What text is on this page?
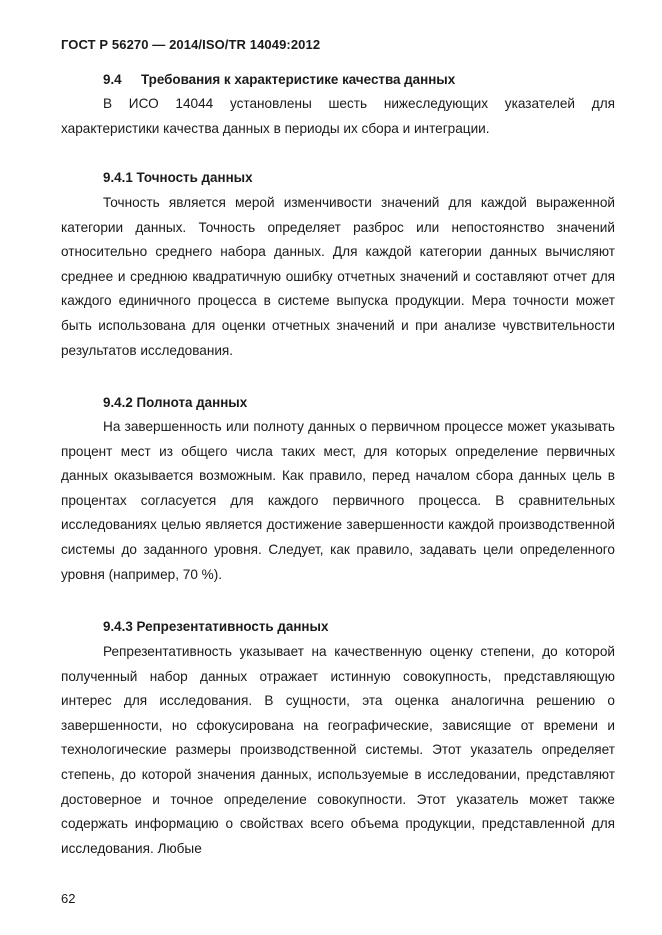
ГОСТ Р 56270 — 2014/ISO/TR 14049:2012
9.4 Требования к характеристике качества данных

В ИСО 14044 установлены шесть нижеследующих указателей для характеристики качества данных в периоды их сбора и интеграции.

9.4.1 Точность данных

Точность является мерой изменчивости значений для каждой выраженной категории данных. Точность определяет разброс или непостоянство значений относительно среднего набора данных. Для каждой категории данных вычисляют среднее и среднюю квадратичную ошибку отчетных значений и составляют отчет для каждого единичного процесса в системе выпуска продукции. Мера точности может быть использована для оценки отчетных значений и при анализе чувствительности результатов исследования.

9.4.2 Полнота данных

На завершенность или полноту данных о первичном процессе может указывать процент мест из общего числа таких мест, для которых определение первичных данных оказывается возможным. Как правило, перед началом сбора данных цель в процентах согласуется для каждого первичного процесса. В сравнительных исследованиях целью является достижение завершенности каждой производственной системы до заданного уровня. Следует, как правило, задавать цели определенного уровня (например, 70 %).

9.4.3 Репрезентативность данных

Репрезентативность указывает на качественную оценку степени, до которой полученный набор данных отражает истинную совокупность, представляющую интерес для исследования. В сущности, эта оценка аналогична решению о завершенности, но сфокусирована на географические, зависящие от времени и технологические размеры производственной системы. Этот указатель определяет степень, до которой значения данных, используемые в исследовании, представляют достоверное и точное определение совокупности. Этот указатель может также содержать информацию о свойствах всего объема продукции, представленной для исследования. Любые

62
